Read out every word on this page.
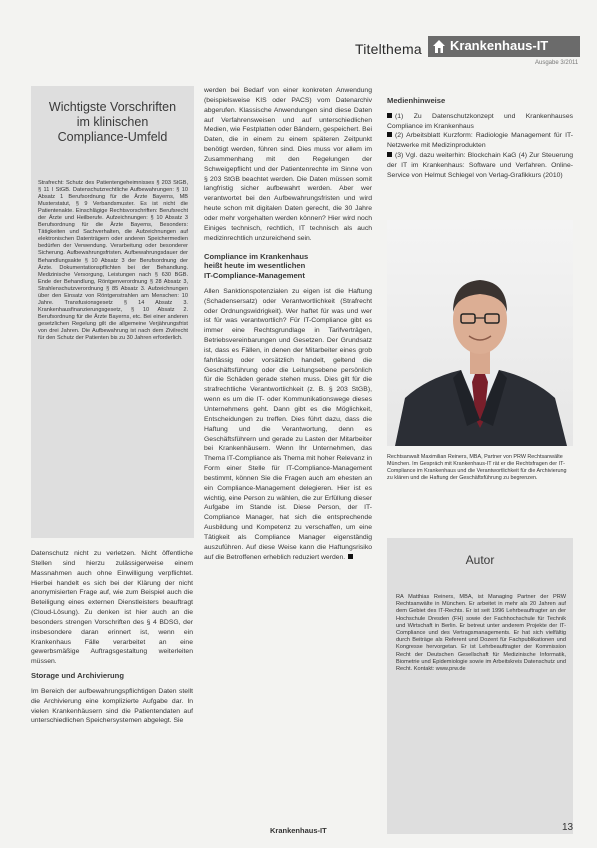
Titelthema Krankenhaus-IT
Ausgabe 3/2011
Wichtigste Vorschriften
im klinischen
Compliance-Umfeld
Strafrecht: Schutz des Patientengeheimnisses § 203 StGB, § 11 I StGB. Datenschutzrechtliche Aufbewahrungen: § 10 Absatz 1 Berufsordnung für die Ärzte Bayerns, MB Musterstatut, § 9 Verbandsmuster. Es ist nicht die Patientenakte. Einschlägige Rechtsvorschriften: Berufsrecht der Ärzte und Heilberufe. Aufzeichnungen: § 10 Absatz 3 Berufsordnung für die Ärzte Bayerns, Besonders: Tätigkeiten und Sachverhalten, die Aufzeichnungen auf elektronischen Datenträgern oder anderen Speichermedien bedürfen der Verwendung. Verarbeitung oder besonderer Sicherung. Aufbewahrungsfristen. Aufbewahrungsdauer der Behandlungsakte § 10 Absatz 3 der Berufsordnung der Ärzte. Dokumentationspflichten bei der Behandlung. Medizinische Versorgung, Leistungen nach § 630 BGB. Ende der Behandlung, Röntgenverordnung § 28 Absatz 3, Strahlenschutzverordnung § 85 Absatz 3. Aufzeichnungen über den Einsatz von Röntgenstrahlen am Menschen: 10 Jahre. Transfusionsgesetz § 14 Absatz 3. Krankenhausfinanzierungsgesetz, § 10 Absatz 2. Berufsordnung für die Ärzte Bayerns, etc. Bei einer anderen gesetzlichen Regelung gilt die allgemeine Verjährungsfrist von drei Jahren. Die Aufbewahrung ist nach dem Zivilrecht für den Schutz der Patienten bis zu 30 Jahren erforderlich.

Datenschutz nicht zu verletzen. Nicht öffentliche Stellen sind hierzu zulässigerweise einem Massnahmen auch ohne Einwilligung verpflichtet. Hierbei handelt es sich bei der Klärung der nicht anonymisierten Frage auf, wie zum Beispiel auch die Beteiligung eines externen Dienstleisters beauftragt (Cloud-Lösung). Zu denken ist hier auch an die besonders strengen Vorschriften des § 4 BDSG, der insbesondere daran erinnert ist, wenn ein Krankenhaus Fälle verarbeitet an eine gewerbsmäßige Auftragsgestaltung weiterleiten müssen.

Storage und Archivierung

Im Bereich der aufbewahrungspflichtigen Daten stellt die Archivierung eine komplizierte Aufgabe dar. In vielen Krankenhäusern sind die Patientendaten auf unterschiedlichen Speichersystemen abgelegt. Sie

werden bei Bedarf von einer konkreten Anwendung (beispielsweise KIS oder PACS) vom Datenarchiv abgerufen. Klassische Anwendungen sind diese Daten auf Verfahrensweisen und auf unterschiedlichen Medien, wie Festplatten oder Bändern, gespeichert. Bei Daten, die in einem zu einem späteren Zeitpunkt benötigt werden, führen sind. Dies muss vor allem im Zusammenhang mit den Regelungen der Schweigepflicht und der Patientenrechte im Sinne von § 203 StGB beachtet werden. Die Daten müssen somit langfristig sicher aufbewahrt werden. Aber wer verantwortet bei den Aufbewahrungsfristen und wird heute schon mit digitalen Daten gerecht, die 30 Jahre oder mehr vorgehalten werden können? Hier wird noch Einiges technisch, rechtlich, IT technisch als auch medizinrechtlich unzureichend sein.

Compliance im Krankenhaus
heißt heute im wesentlichen
IT-Compliance-Management

Allen Sanktionspotenzialen zu eigen ist die Haftung (Schadensersatz) oder Verantwortlichkeit (Strafrecht oder Ordnungswidrigkeit). Wer haftet für was und wer ist für was verantwortlich? Für IT-Compliance gibt es immer eine Rechtsgrundlage in Tarifverträgen, Betriebsvereinbarungen und Gesetzen. Der Grundsatz ist, dass es Fällen, in denen der Mitarbeiter eines grob fahrlässig oder vorsätzlich handelt, geltend die Geschäftsführung oder die Leitungsebene persönlich für die Schäden gerade stehen muss. Dies gilt für die strafrechtliche Verantwortlichkeit (z. B. § 203 StGB), wenn es um die IT- oder Kommunikationswege dieses Unternehmens geht. Dann gibt es die Möglichkeit, Entscheidungen zu treffen. Dies führt dazu, dass die Haftung und die Verantwortung, denn es Geschäftsführern und gerade zu Lasten der Mitarbeiter bei Krankenhäusern. Wenn Ihr Unternehmen, das Thema IT-Compliance als Thema mit hoher Relevanz in Form einer Stelle für IT-Compliance-Management bestimmt, können Sie die Fragen auch am ehesten an ein Compliance-Management delegieren. Hier ist es wichtig, eine Person zu wählen, die zur Erfüllung dieser Aufgabe im Stande ist. Diese Person, der IT-Compliance Manager, hat sich die entsprechende Ausbildung und Kompetenz zu verschaffen, um eine Tätigkeit als Compliance Manager eigenständig auszuführen. Auf diese Weise kann die Haftungsrisiko auf die Betroffenen erheblich reduziert werden.

Medienhinweise

(1) Zu Datenschutzkonzept und Krankenhauses Compliance im Krankenhaus

(2) Arbeitsblatt Kurzform: Radiologie Management für IT-Netzwerke mit Medizinprodukten

(3) Vgl. dazu weiterhin: Blockchain KaG (4) Zur Steuerung der IT im Krankenhaus: Software und Verfahren. Online-Service von Helmut Schlegel von Verlag-Grafikkurs (2010)

Rechtsanwalt Maximilian Reiners, MBA, Partner von PRW Rechtsanwälte München. Im Gespräch mit Krankenhaus-IT rät er die Rechtsfragen der IT-Compliance im Krankenhaus und die Verantwortlichkeit für die Archivierung zu klären und die Haftung der Geschäftsführung zu begrenzen.
Autor
RA Matthias Reiners, MBA, ist Managing Partner der PRW Rechtsanwälte in München. Er arbeitet in mehr als 20 Jahren auf dem Gebiet des IT-Rechts. Er ist seit 1996 Lehrbeauftragter an der Hochschule Dresden (FH) sowie der Fachhochschule für Technik und Wirtschaft in Berlin. Er betreut unter anderem Projekte der IT-Compliance und des Vertragsmanagements. Er hat sich vielfältig durch Beiträge als Referent und Dozent für Fachpublikationen und Kongresse hervorgetan. Er ist Lehrbeauftragter der Kommission Recht der Deutschen Gesellschaft für Medizinische Informatik, Biometrie und Epidemiologie sowie im Arbeitskreis Datenschutz und Recht. Kontakt: www.prw.de
Krankenhaus-IT	13
